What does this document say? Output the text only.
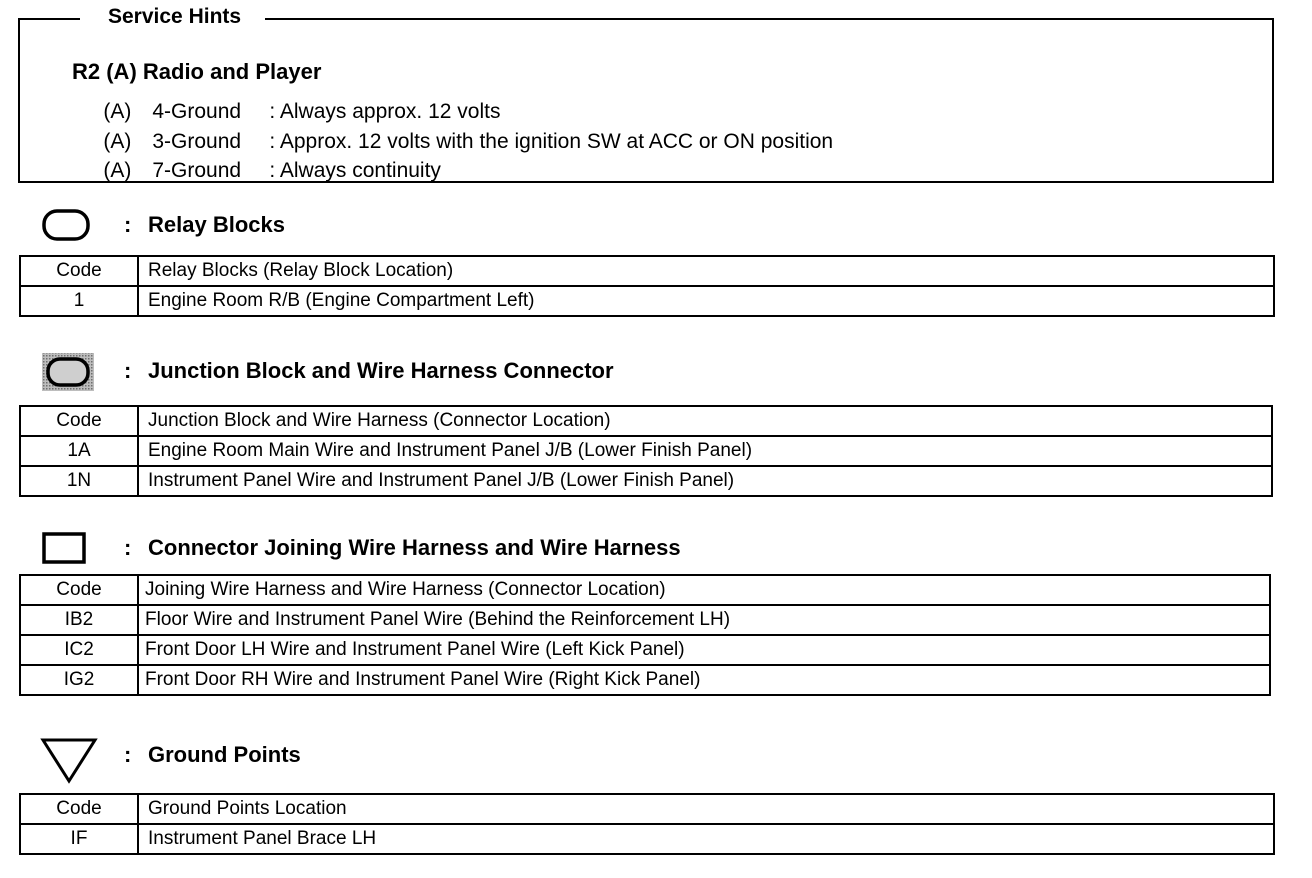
R2 (A) Radio and Player

(A) 4-Ground : Always approx. 12 volts

(A) 3-Ground : Approx. 12 volts with the ignition SW at ACC or ON position

(A) 7-Ground : Always continuity

Service Hints
: Relay Blocks
Code	Relay Blocks (Relay Block Location)
1	Engine Room R/B (Engine Compartment Left)
: Junction Block and Wire Harness Connector
Code	Junction Block and Wire Harness (Connector Location)
1A	Engine Room Main Wire and Instrument Panel J/B (Lower Finish Panel)
1N	Instrument Panel Wire and Instrument Panel J/B (Lower Finish Panel)
: Connector Joining Wire Harness and Wire Harness
Code	Joining Wire Harness and Wire Harness (Connector Location)
IB2	Floor Wire and Instrument Panel Wire (Behind the Reinforcement LH)
IC2	Front Door LH Wire and Instrument Panel Wire (Left Kick Panel)
IG2	Front Door RH Wire and Instrument Panel Wire (Right Kick Panel)
: Ground Points
Code	Ground Points Location
IF	Instrument Panel Brace LH
